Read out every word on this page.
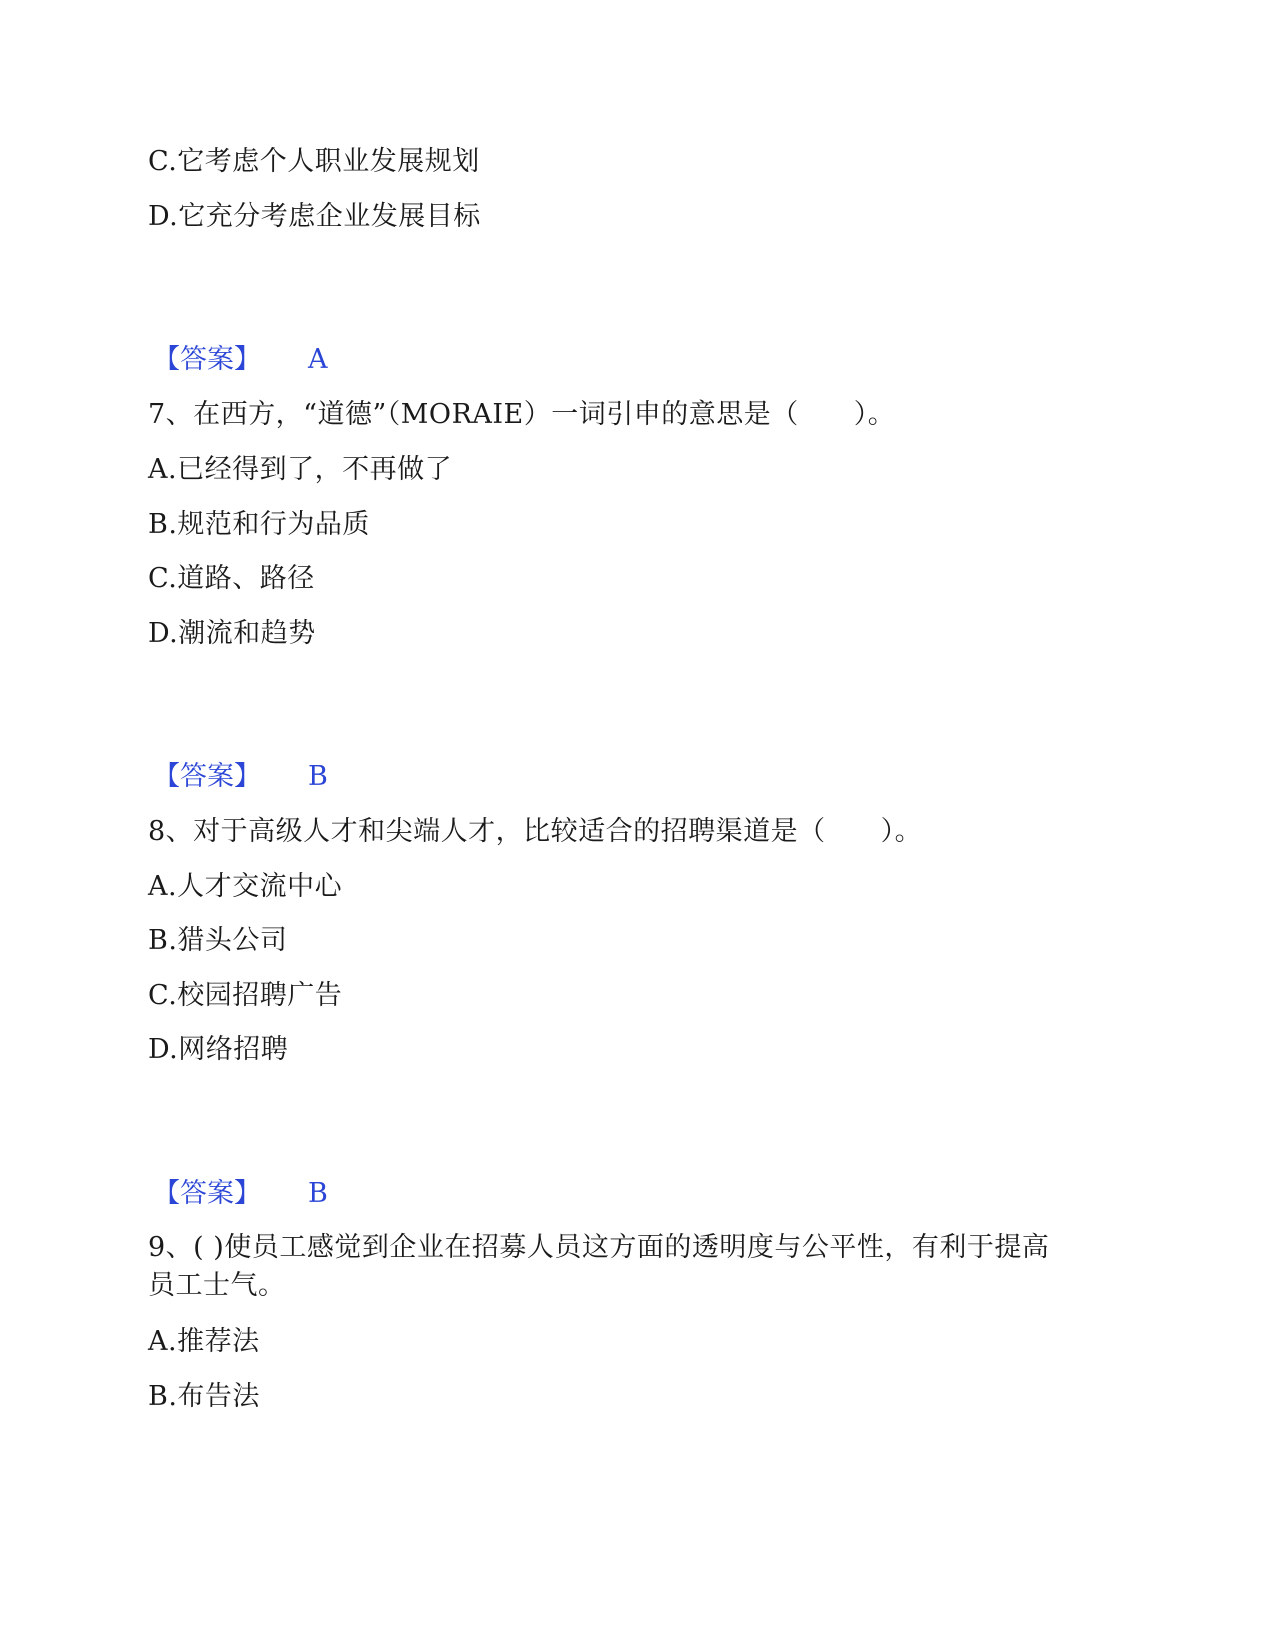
C.它考虑个人职业发展规划
D.它充分考虑企业发展目标
【答案】 A
7、在西方，“道德”（MORAIE）一词引申的意思是（　　）。
A.已经得到了，不再做了
B.规范和行为品质
C.道路、路径
D.潮流和趋势
【答案】 B
8、对于高级人才和尖端人才，比较适合的招聘渠道是（　　）。
A.人才交流中心
B.猎头公司
C.校园招聘广告
D.网络招聘
【答案】 B
9、( )使员工感觉到企业在招募人员这方面的透明度与公平性，有利于提高
员工士气。
A.推荐法
B.布告法
